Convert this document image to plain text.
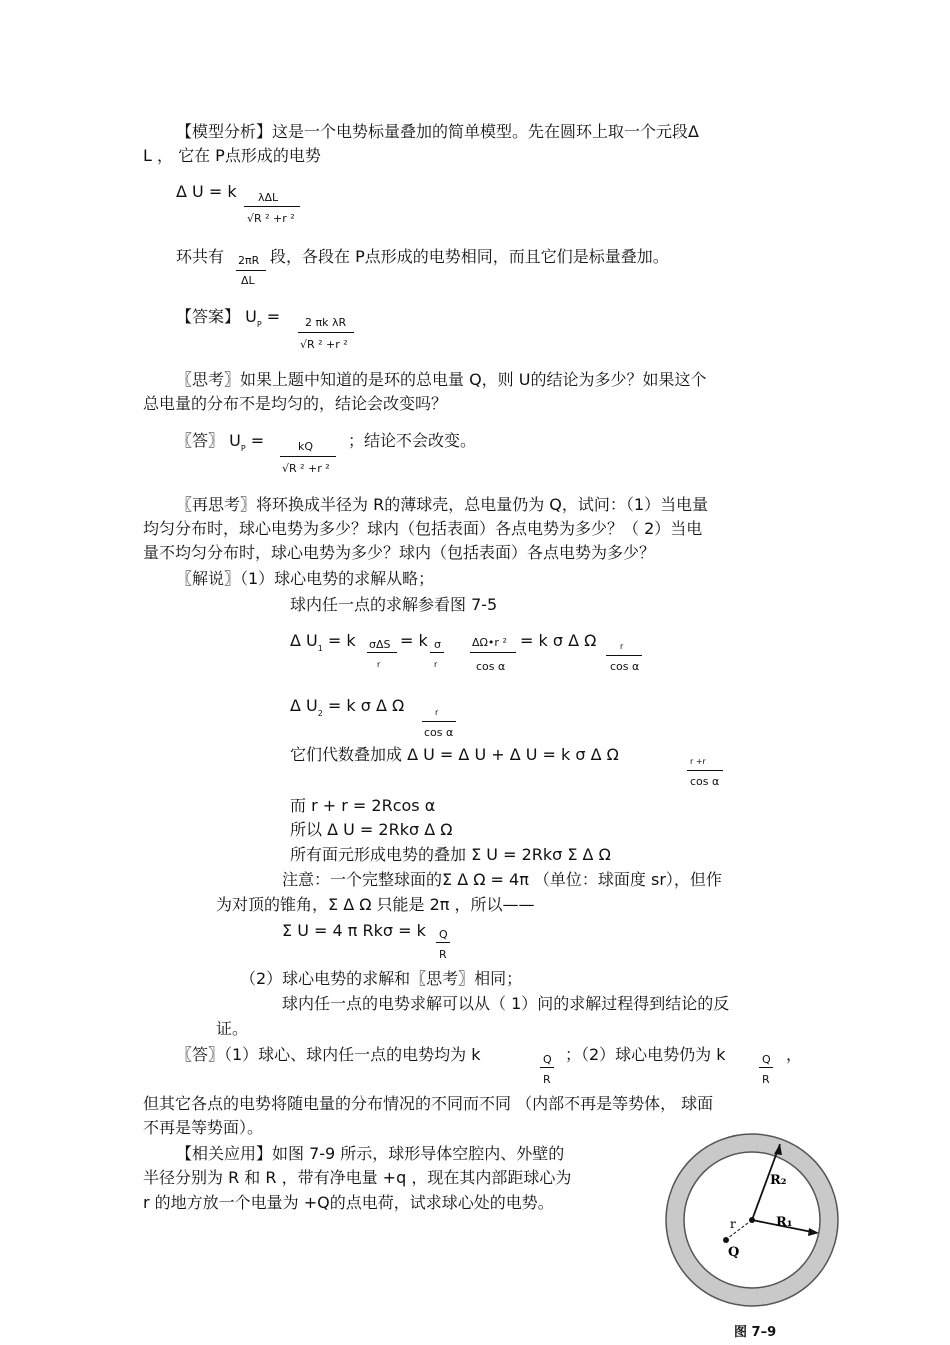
【模型分析】这是一个电势标量叠加的简单模型。先在圆环上取一个元段Δ
L ， 它在 P点形成的电势
Δ U = k λΔL
√R ² +r ²
环共有 2πR
ΔL
段，各段在 P点形成的电势相同，而且它们是标量叠加。
【答案】 $U_P = 2$ πk λR
√R ² +r ²
〖思考〗如果上题中知道的是环的总电量 Q，则 U的结论为多少？如果这个
总电量的分布不是均匀的，结论会改变吗？
〖答〗 $U_P$ =	kQ
√R ² +r ²
；结论不会改变。
〖再思考〗将环换成半径为 R的薄球壳，总电量仍为 Q，试问：（1）当电量
均匀分布时，球心电势为多少？球内（包括表面）各点电势为多少？（ 2）当电
量不均匀分布时，球心电势为多少？球内（包括表面）各点电势为多少？
〖解说〗（1）球心电势的求解从略；
球内任一点的求解参看图 7-5
Δ $U_1 = k$ σΔS
r
= k σ
r
ΔΩ•r ²
cos α
= k σ Δ Ω	r
cos α
Δ $U_2 = k$ σ Δ Ω	r
cos α
它们代数叠加成 Δ U = Δ U + Δ U = k σ Δ Ω	r +r
cos α
而 r + r = 2Rcos α
所以 Δ U = 2Rkσ Δ Ω
所有面元形成电势的叠加 Σ U = 2Rkσ Σ Δ Ω
注意：一个完整球面的Σ Δ Ω = 4π （单位：球面度 sr），但作
为对顶的锥角，Σ Δ Ω 只能是 2π ，所以——
Σ U = 4 π Rkσ = k Q
R
（2）球心电势的求解和〖思考〗相同；
球内任一点的电势求解可以从（ 1）问的求解过程得到结论的反
证。
〖答〗（1）球心、球内任一点的电势均为 k	Q
R
；（2）球心电势仍为 k	Q
R
，
但其它各点的电势将随电量的分布情况的不同而不同 （内部不再是等势体， 球面
不再是等势面）。
【相关应用】如图 7-9 所示，球形导体空腔内、外壁的
半径分别为 R 和 R ，带有净电量 +q ，现在其内部距球心为
r 的地方放一个电量为 +Q的点电荷，试求球心处的电势。
R₂
R₁
r
Q
图 7–9
